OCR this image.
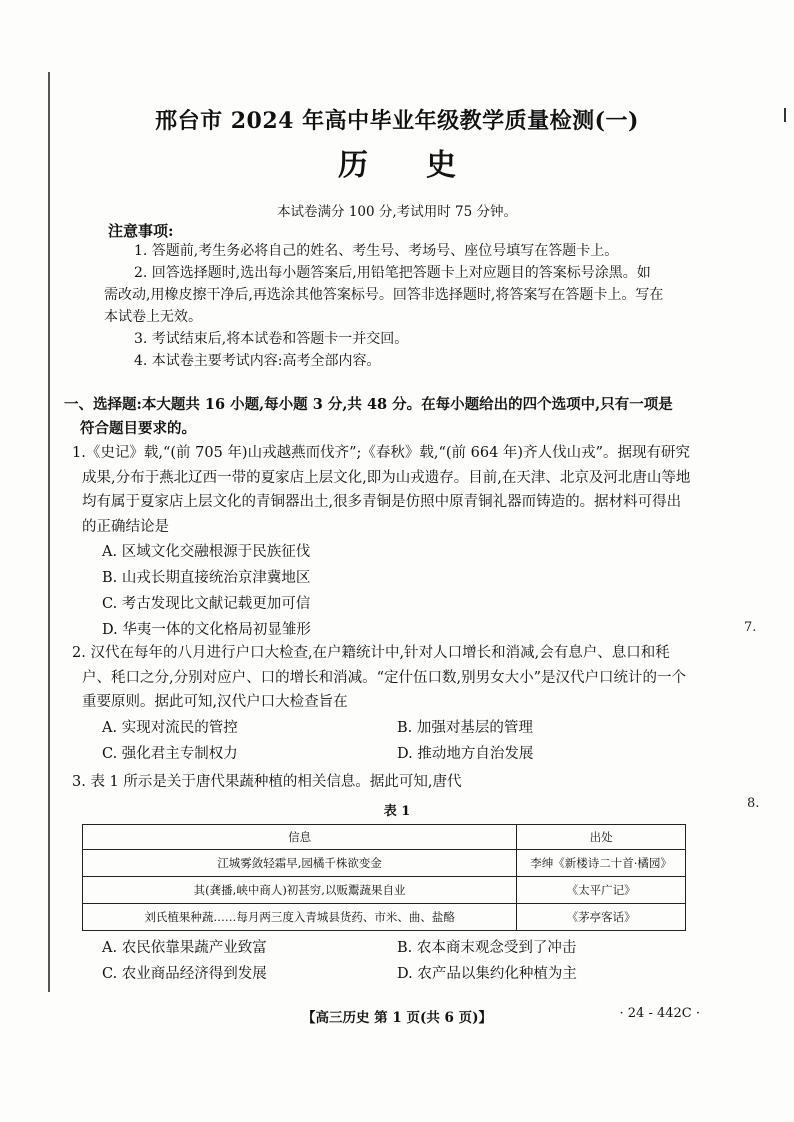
7.
8.
邢台市 2024 年高中毕业年级教学质量检测(一)
历史
本试卷满分 100 分,考试用时 75 分钟。
注意事项:

1. 答题前,考生务必将自己的姓名、考生号、考场号、座位号填写在答题卡上。

2. 回答选择题时,选出每小题答案后,用铅笔把答题卡上对应题目的答案标号涂黑。如需改动,用橡皮擦干净后,再选涂其他答案标号。回答非选择题时,将答案写在答题卡上。写在本试卷上无效。

3. 考试结束后,将本试卷和答题卡一并交回。

4. 本试卷主要考试内容:高考全部内容。

一、选择题:本大题共 16 小题,每小题 3 分,共 48 分。在每小题给出的四个选项中,只有一项是
符合题目要求的。

1.《史记》载,“(前 705 年)山戎越燕而伐齐”;《春秋》载,“(前 664 年)齐人伐山戎”。据现有研究成果,分布于燕北辽西一带的夏家店上层文化,即为山戎遗存。目前,在天津、北京及河北唐山等地均有属于夏家店上层文化的青铜器出土,很多青铜是仿照中原青铜礼器而铸造的。据材料可得出的正确结论是

A. 区域文化交融根源于民族征伐
B. 山戎长期直接统治京津冀地区
C. 考古发现比文献记载更加可信
D. 华夷一体的文化格局初显雏形

2. 汉代在每年的八月进行户口大检查,在户籍统计中,针对人口增长和消减,会有息户、息口和秏户、秏口之分,分别对应户、口的增长和消减。“定什伍口数,别男女大小”是汉代户口统计的一个重要原则。据此可知,汉代户口大检查旨在

A. 实现对流民的管控	B. 加强对基层的管理
C. 强化君主专制权力	D. 推动地方自治发展

3. 表 1 所示是关于唐代果蔬种植的相关信息。据此可知,唐代

表 1
信息	出处
江城雾敛轻霜早,园橘千株欲变金	李绅《新楼诗二十首·橘园》
其(龚播,峡中商人)初甚穷,以贩鬻蔬果自业	《太平广记》
刘氏植果种蔬……每月两三度入青城县货药、市米、曲、盐酪	《茅亭客话》
A. 农民依靠果蔬产业致富	B. 农本商末观念受到了冲击
C. 农业商品经济得到发展	D. 农产品以集约化种植为主
【高三历史 第 1 页(共 6 页)】	· 24 - 442C ·
